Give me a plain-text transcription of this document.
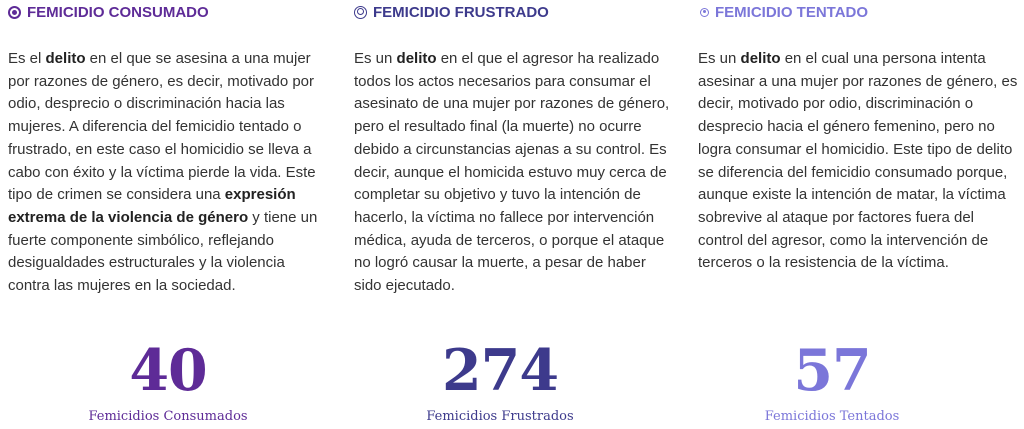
FEMICIDIO CONSUMADO

Es el delito en el que se asesina a una mujer por razones de género, es decir, motivado por odio, desprecio o discriminación hacia las mujeres. A diferencia del femicidio tentado o frustrado, en este caso el homicidio se lleva a cabo con éxito y la víctima pierde la vida. Este tipo de crimen se considera una expresión extrema de la violencia de género y tiene un fuerte componente simbólico, reflejando desigualdades estructurales y la violencia contra las mujeres en la sociedad.

40
Femicidios Consumados
FEMICIDIO FRUSTRADO

Es un delito en el que el agresor ha realizado todos los actos necesarios para consumar el asesinato de una mujer por razones de género, pero el resultado final (la muerte) no ocurre debido a circunstancias ajenas a su control. Es decir, aunque el homicida estuvo muy cerca de completar su objetivo y tuvo la intención de hacerlo, la víctima no fallece por intervención médica, ayuda de terceros, o porque el ataque no logró causar la muerte, a pesar de haber sido ejecutado.

274
Femicidios Frustrados
FEMICIDIO TENTADO

Es un delito en el cual una persona intenta asesinar a una mujer por razones de género, es decir, motivado por odio, discriminación o desprecio hacia el género femenino, pero no logra consumar el homicidio. Este tipo de delito se diferencia del femicidio consumado porque, aunque existe la intención de matar, la víctima sobrevive al ataque por factores fuera del control del agresor, como la intervención de terceros o la resistencia de la víctima.

57
Femicidios Tentados
